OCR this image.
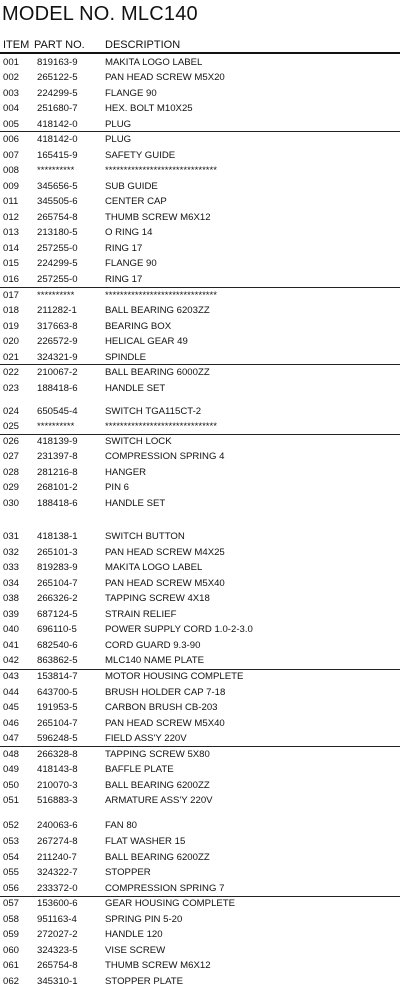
MODEL NO. MLC140
ITEM PART NO. DESCRIPTION
001 819163-9	MAKITA LOGO LABEL
002 265122-5	PAN HEAD SCREW M5X20
003 224299-5	FLANGE 90
004 251680-7	HEX. BOLT M10X25
005 418142-0	PLUG
006 418142-0	PLUG
007 165415-9	SAFETY GUIDE
008 **********	******************************
009 345656-5	SUB GUIDE
011 345505-6	CENTER CAP
012 265754-8	THUMB SCREW M6X12
013 213180-5	O RING 14
014 257255-0	RING 17
015 224299-5	FLANGE 90
016 257255-0	RING 17
017 **********	******************************
018 211282-1	BALL BEARING 6203ZZ
019 317663-8	BEARING BOX
020 226572-9	HELICAL GEAR 49
021 324321-9	SPINDLE
022 210067-2	BALL BEARING 6000ZZ
023 188418-6	HANDLE SET
024 650545-4	SWITCH TGA115CT-2
025 **********	******************************
026 418139-9	SWITCH LOCK
027 231397-8	COMPRESSION SPRING 4
028 281216-8	HANGER
029 268101-2	PIN 6
030 188418-6	HANDLE SET
031 418138-1	SWITCH BUTTON
032 265101-3	PAN HEAD SCREW M4X25
033 819283-9	MAKITA LOGO LABEL
034 265104-7	PAN HEAD SCREW M5X40
038 266326-2	TAPPING SCREW 4X18
039 687124-5	STRAIN RELIEF
040 696110-5	POWER SUPPLY CORD 1.0-2-3.0
041 682540-6	CORD GUARD 9.3-90
042 863862-5	MLC140 NAME PLATE
043 153814-7	MOTOR HOUSING COMPLETE
044 643700-5	BRUSH HOLDER CAP 7-18
045 191953-5	CARBON BRUSH CB-203
046 265104-7	PAN HEAD SCREW M5X40
047 596248-5	FIELD ASS'Y 220V
048 266328-8	TAPPING SCREW 5X80
049 418143-8	BAFFLE PLATE
050 210070-3	BALL BEARING 6200ZZ
051 516883-3	ARMATURE ASS'Y 220V
052 240063-6	FAN 80
053 267274-8	FLAT WASHER 15
054 211240-7	BALL BEARING 6200ZZ
055 324322-7	STOPPER
056 233372-0	COMPRESSION SPRING 7
057 153600-6	GEAR HOUSING COMPLETE
058 951163-4	SPRING PIN 5-20
059 272027-2	HANDLE 120
060 324323-5	VISE SCREW
061 265754-8	THUMB SCREW M6X12
062 345310-1	STOPPER PLATE
